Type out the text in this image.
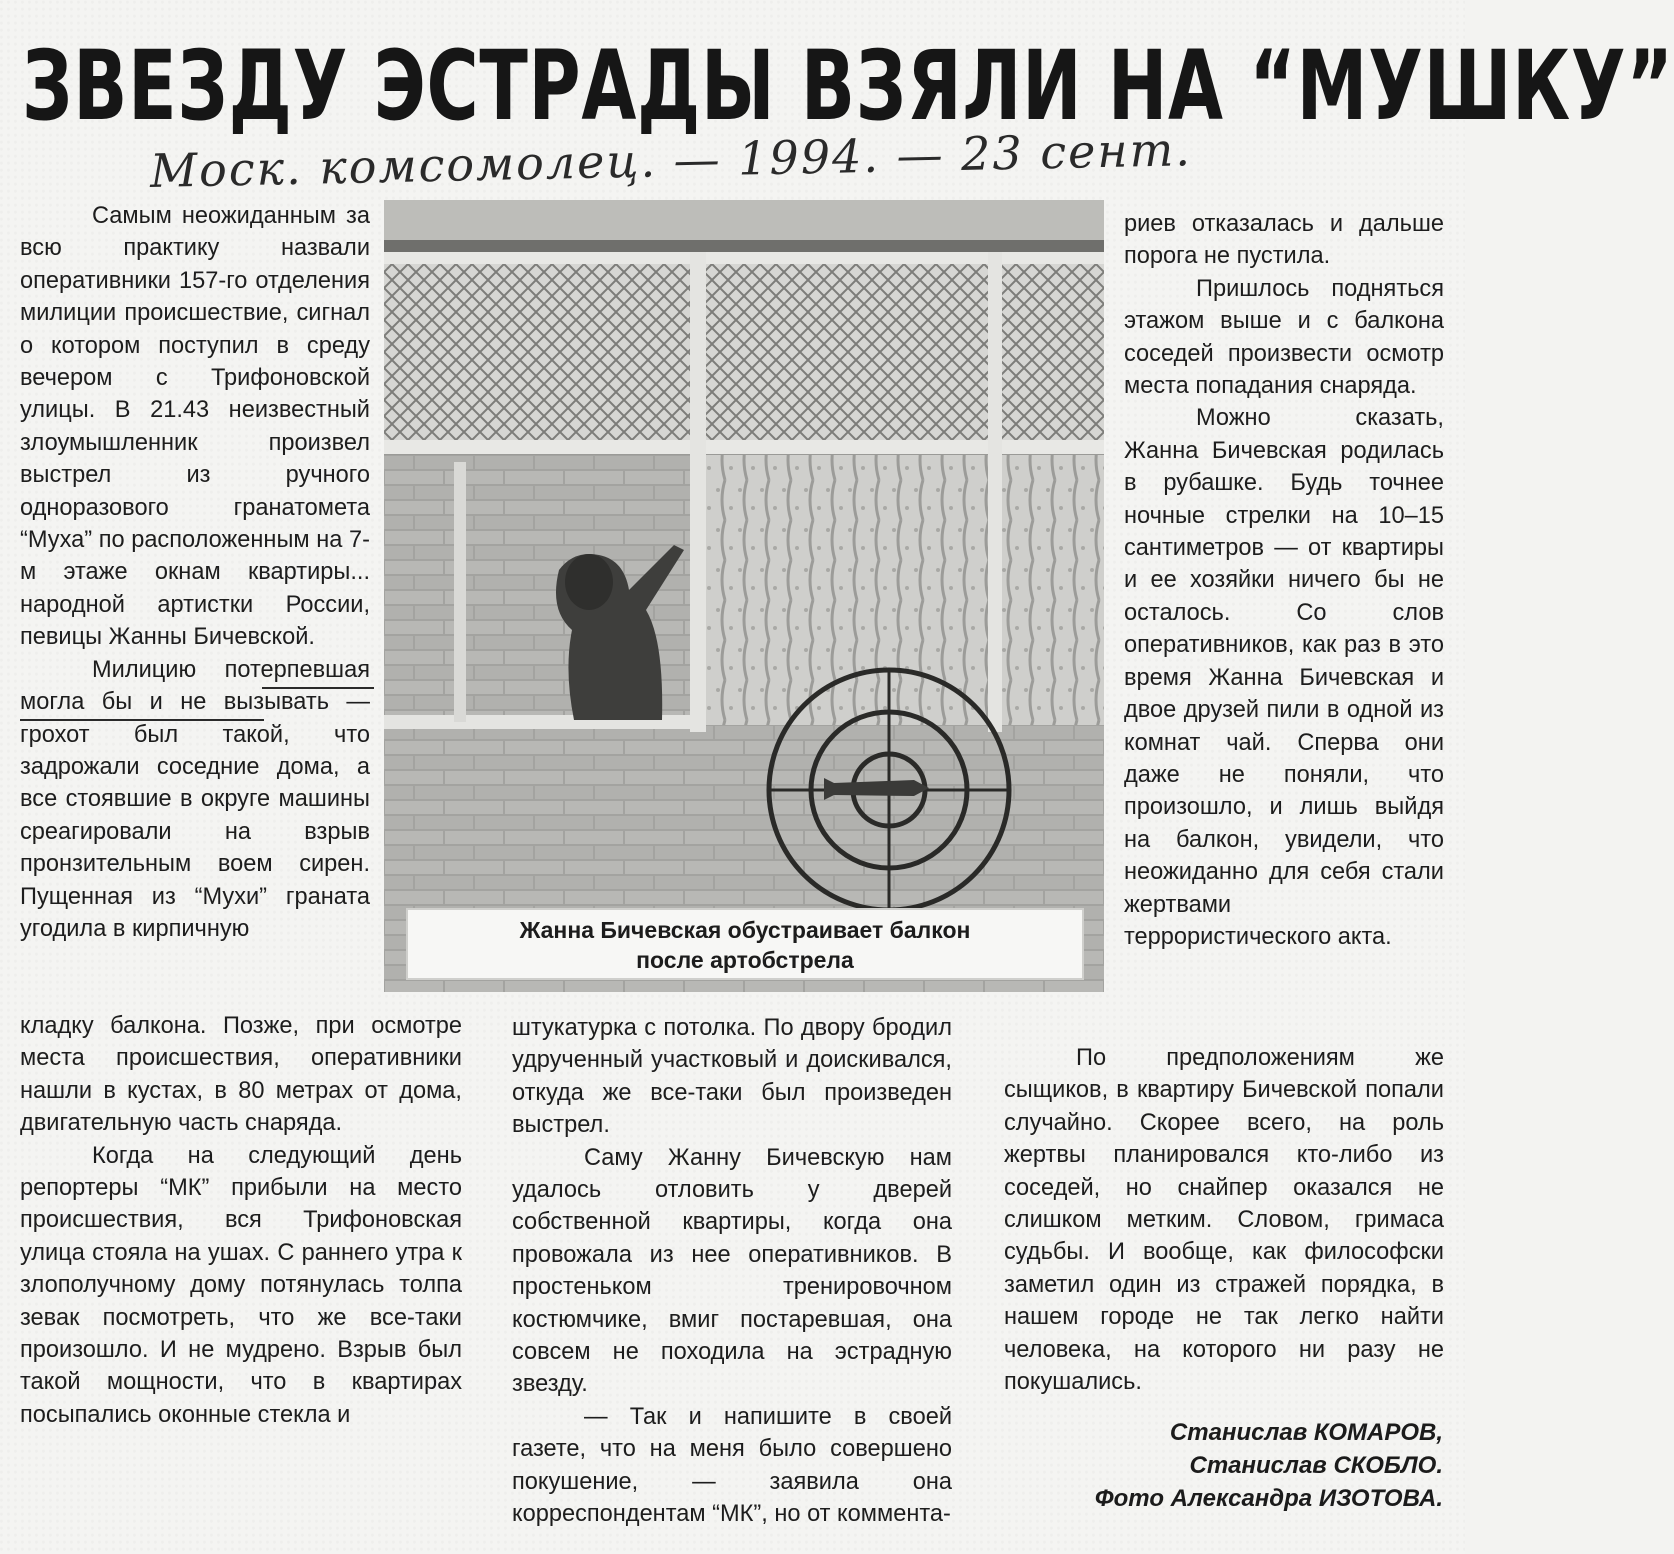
ЗВЕЗДУ ЭСТРАДЫ ВЗЯЛИ НА “МУШКУ”
Моск. комсомолец. — 1994. — 23 сент.

Самым неожиданным за всю практику назвали оперативники 157-го отделения милиции происшествие, сигнал о котором поступил в среду вечером с Трифоновской улицы. В 21.43 неизвестный злоумышленник произвел выстрел из ручного одноразового гранатомета “Муха” по расположенным на 7-м этаже окнам квартиры... народной артистки России, певицы Жанны Бичевской.

Милицию потерпевшая могла бы и не вызывать — грохот был такой, что задрожали соседние дома, а все стоявшие в округе машины среагировали на взрыв пронзительным воем сирен. Пущенная из “Мухи” граната угодила в кирпичную

кладку балкона. Позже, при осмотре места происшествия, оперативники нашли в кустах, в 80 метрах от дома, двигательную часть снаряда.

Когда на следующий день репортеры “МК” прибыли на место происшествия, вся Трифоновская улица стояла на ушах. С раннего утра к злополучному дому потянулась толпа зевак посмотреть, что же все-таки произошло. И не мудрено. Взрыв был такой мощности, что в квартирах посыпались оконные стекла и

Жанна Бичевская обустраивает балкон
после артобстрела

штукатурка с потолка. По двору бродил удрученный участковый и доискивался, откуда же все-таки был произведен выстрел.

Саму Жанну Бичевскую нам удалось отловить у дверей собственной квартиры, когда она провожала из нее оперативников. В простеньком тренировочном костюмчике, вмиг постаревшая, она совсем не походила на эстрадную звезду.

— Так и напишите в своей газете, что на меня было совершено покушение, — заявила она корреспондентам “МК”, но от коммента-

риев отказалась и дальше порога не пустила.

Пришлось подняться этажом выше и с балкона соседей произвести осмотр места попадания снаряда.

Можно сказать, Жанна Бичевская родилась в рубашке. Будь точнее ночные стрелки на 10–15 сантиметров — от квартиры и ее хозяйки ничего бы не осталось. Со слов оперативников, как раз в это время Жанна Бичевская и двое друзей пили в одной из комнат чай. Сперва они даже не поняли, что произошло, и лишь выйдя на балкон, увидели, что неожиданно для себя стали жертвами террористического акта.

По предположениям же сыщиков, в квартиру Бичевской попали случайно. Скорее всего, на роль жертвы планировался кто-либо из соседей, но снайпер оказался не слишком метким. Словом, гримаса судьбы. И вообще, как философски заметил один из стражей порядка, в нашем городе не так легко найти человека, на которого ни разу не покушались.

Станислав КОМАРОВ,
Станислав СКОБЛО.
Фото Александра ИЗОТОВА.
